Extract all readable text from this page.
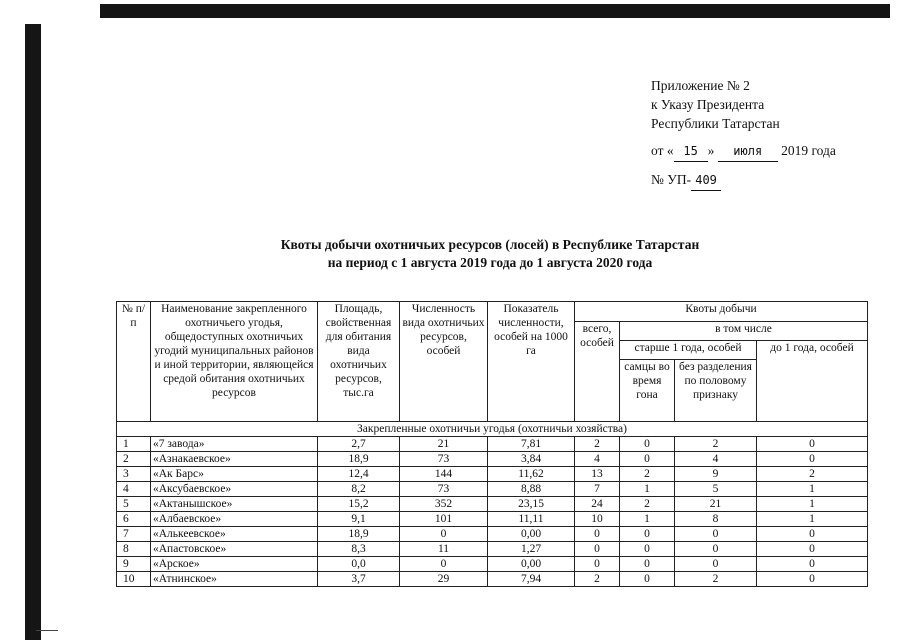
Приложение № 2
к Указу Президента
Республики Татарстан
от « 15 » июля 2019 года
№ УП- 409
Квоты добычи охотничьих ресурсов (лосей) в Республике Татарстан
на период с 1 августа 2019 года до 1 августа 2020 года
№ п/п	Наименование закрепленного охотничьего угодья, общедоступных охотничьих угодий муниципальных районов и иной территории, являющейся средой обитания охотничьих ресурсов	Площадь, свойственная для обитания вида охотничьих ресурсов, тыс.га	Численность вида охотничьих ресурсов, особей	Показатель численности, особей на 1000 га	Квоты добычи			
					всего, особей	в том числе		
						старше 1 года, особей		до 1 года, особей
						самцы во время гона	без разделения по половому признаку	
Закрепленные охотничьи угодья (охотничьи хозяйства)								
1	«7 завода»	2,7	21	7,81	2	0	2	0
2	«Азнакаевское»	18,9	73	3,84	4	0	4	0
3	«Ак Барс»	12,4	144	11,62	13	2	9	2
4	«Аксубаевское»	8,2	73	8,88	7	1	5	1
5	«Актанышское»	15,2	352	23,15	24	2	21	1
6	«Албаевское»	9,1	101	11,11	10	1	8	1
7	«Алькеевское»	18,9	0	0,00	0	0	0	0
8	«Апастовское»	8,3	11	1,27	0	0	0	0
9	«Арское»	0,0	0	0,00	0	0	0	0
10	«Атнинское»	3,7	29	7,94	2	0	2	0
